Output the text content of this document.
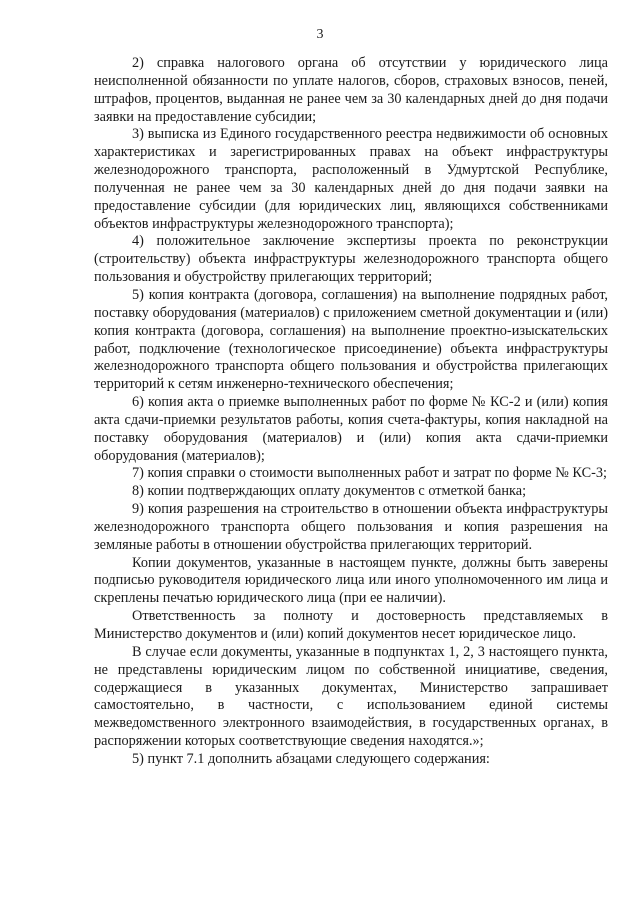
3

2) справка налогового органа об отсутствии у юридического лица неисполненной обязанности по уплате налогов, сборов, страховых взносов, пеней, штрафов, процентов, выданная не ранее чем за 30 календарных дней до дня подачи заявки на предоставление субсидии;

3) выписка из Единого государственного реестра недвижимости об основных характеристиках и зарегистрированных правах на объект инфраструктуры железнодорожного транспорта, расположенный в Удмуртской Республике, полученная не ранее чем за 30 календарных дней до дня подачи заявки на предоставление субсидии (для юридических лиц, являющихся собственниками объектов инфраструктуры железнодорожного транспорта);

4) положительное заключение экспертизы проекта по реконструкции (строительству) объекта инфраструктуры железнодорожного транспорта общего пользования и обустройству прилегающих территорий;

5) копия контракта (договора, соглашения) на выполнение подрядных работ, поставку оборудования (материалов) с приложением сметной документации и (или) копия контракта (договора, соглашения) на выполнение проектно-изыскательских работ, подключение (технологическое присоединение) объекта инфраструктуры железнодорожного транспорта общего пользования и обустройства прилегающих территорий к сетям инженерно-технического обеспечения;

6) копия акта о приемке выполненных работ по форме № КС-2 и (или) копия акта сдачи-приемки результатов работы, копия счета-фактуры, копия накладной на поставку оборудования (материалов) и (или) копия акта сдачи-приемки оборудования (материалов);

7) копия справки о стоимости выполненных работ и затрат по форме № КС-3;

8) копии подтверждающих оплату документов с отметкой банка;

9) копия разрешения на строительство в отношении объекта инфраструктуры железнодорожного транспорта общего пользования и копия разрешения на земляные работы в отношении обустройства прилегающих территорий.

Копии документов, указанные в настоящем пункте, должны быть заверены подписью руководителя юридического лица или иного уполномоченного им лица и скреплены печатью юридического лица (при ее наличии).

Ответственность за полноту и достоверность представляемых в Министерство документов и (или) копий документов несет юридическое лицо.

В случае если документы, указанные в подпунктах 1, 2, 3 настоящего пункта, не представлены юридическим лицом по собственной инициативе, сведения, содержащиеся в указанных документах, Министерство запрашивает самостоятельно, в частности, с использованием единой системы межведомственного электронного взаимодействия, в государственных органах, в распоряжении которых соответствующие сведения находятся.»;

5) пункт 7.1 дополнить абзацами следующего содержания:
